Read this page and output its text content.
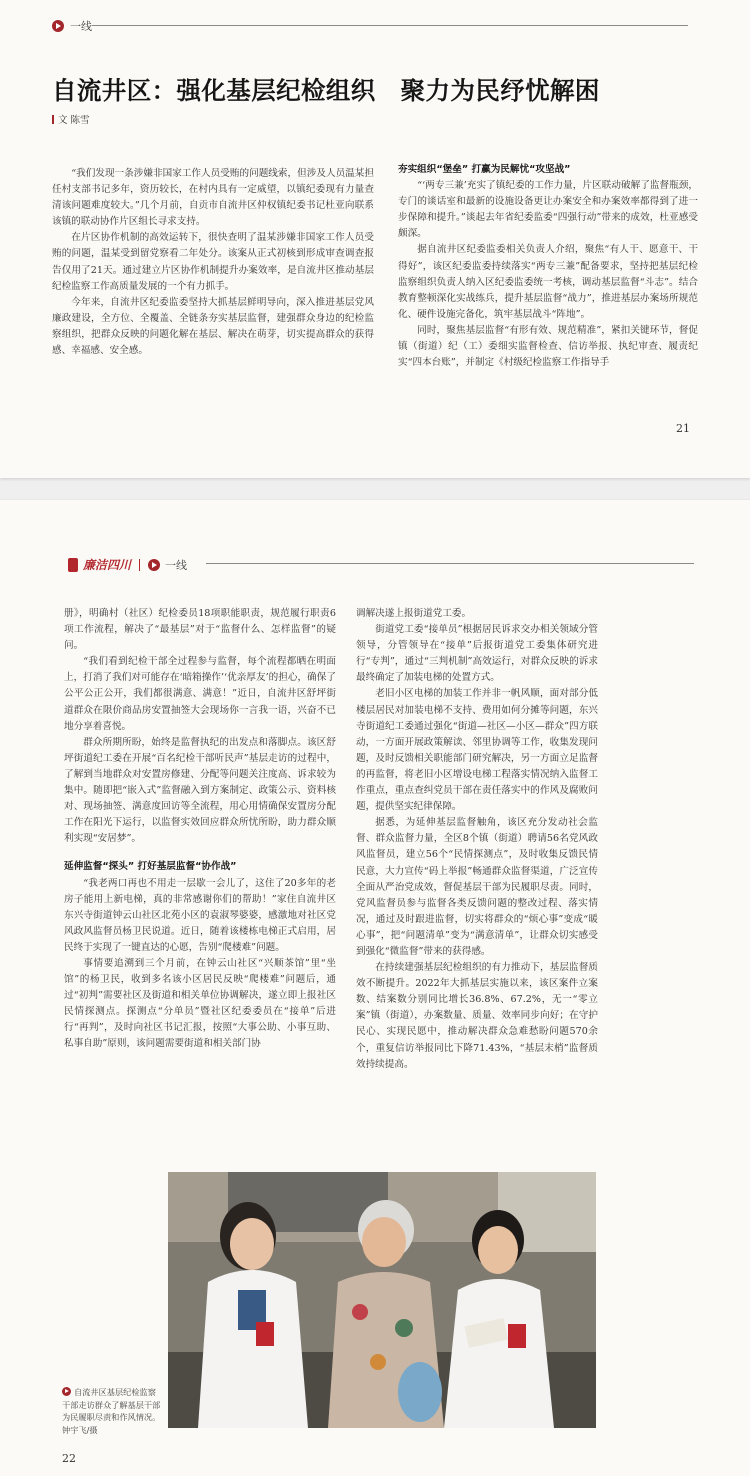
一线
自流井区：强化基层纪检组织　聚力为民纾忧解困
文 陈雪

“我们发现一条涉嫌非国家工作人员受贿的问题线索，但涉及人员温某担任村支部书记多年，资历较长，在村内具有一定威望，以镇纪委现有力量查清该问题难度较大。”几个月前，自贡市自流井区仲权镇纪委书记杜亚向联系该镇的联动协作片区组长寻求支持。

在片区协作机制的高效运转下，很快查明了温某涉嫌非国家工作人员受贿的问题，温某受到留党察看二年处分。该案从正式初核到形成审查调查报告仅用了21天。通过建立片区协作机制提升办案效率，是自流井区推动基层纪检监察工作高质量发展的一个有力抓手。

今年来，自流井区纪委监委坚持大抓基层鲜明导向，深入推进基层党风廉政建设，全方位、全覆盖、全链条夯实基层监督，建强群众身边的纪检监察组织，把群众反映的问题化解在基层、解决在萌芽，切实提高群众的获得感、幸福感、安全感。

夯实组织“堡垒” 打赢为民解忧“攻坚战”

“‘两专三兼’充实了镇纪委的工作力量，片区联动破解了监督瓶颈，专门的谈话室和最新的设施设备更让办案安全和办案效率都得到了进一步保障和提升。”谈起去年省纪委监委“四强行动”带来的成效，杜亚感受颇深。

据自流井区纪委监委相关负责人介绍，聚焦“有人干、愿意干、干得好”，该区纪委监委持续落实“两专三兼”配备要求，坚持把基层纪检监察组织负责人纳入区纪委监委统一考核，调动基层监督“斗志”。结合教育整顿深化实战练兵，提升基层监督“战力”，推进基层办案场所规范化、硬件设施完备化，筑牢基层战斗“阵地”。

同时，聚焦基层监督“有形有效、规范精准”，紧扣关键环节，督促镇（街道）纪（工）委细实监督检查、信访举报、执纪审查、履责纪实“四本台账”，并制定《村级纪检监察工作指导手

21
廉洁四川	一线

册》，明确村（社区）纪检委员18项职能职责，规范履行职责6项工作流程，解决了“最基层”对于“监督什么、怎样监督”的疑问。

“我们看到纪检干部全过程参与监督，每个流程都晒在明面上，打消了我们对可能存在‘暗箱操作’‘优亲厚友’的担心，确保了公平公正公开，我们都很满意、满意！”近日，自流井区舒坪街道群众在限价商品房安置抽签大会现场你一言我一语，兴奋不已地分享着喜悦。

群众所期所盼，始终是监督执纪的出发点和落脚点。该区舒坪街道纪工委在开展“百名纪检干部听民声”基层走访的过程中，了解到当地群众对安置房修建、分配等问题关注度高、诉求较为集中。随即把“嵌入式”监督融入到方案制定、政策公示、资料核对、现场抽签、满意度回访等全流程，用心用情确保安置房分配工作在阳光下运行，以监督实效回应群众所忧所盼，助力群众顺利实现“安居梦”。

延伸监督“探头” 打好基层监督“协作战”

“我老两口再也不用走一层歇一会儿了，这住了20多年的老房子能用上新电梯，真的非常感谢你们的帮助！”家住自流井区东兴寺街道钟云山社区北苑小区的袁淑琴婆婆，感激地对社区党风政风监督员杨卫民说道。近日，随着该楼栋电梯正式启用，居民终于实现了一键直达的心愿，告别“爬楼难”问题。

事情要追溯到三个月前，在钟云山社区“兴顺茶馆”里“坐馆”的杨卫民，收到多名该小区居民反映“爬楼难”问题后，通过“初判”需要社区及街道和相关单位协调解决，遂立即上报社区民情探测点。探测点“分单员”暨社区纪委委员在“接单”后进行“再判”，及时向社区书记汇报，按照“大事公助、小事互助、私事自助”原则，该问题需要街道和相关部门协

调解决遂上报街道党工委。

街道党工委“接单员”根据居民诉求交办相关领域分管领导，分管领导在“接单”后报街道党工委集体研究进行“专判”，通过“三判机制”高效运行，对群众反映的诉求最终确定了加装电梯的处置方式。

老旧小区电梯的加装工作并非一帆风顺，面对部分低楼层居民对加装电梯不支持、费用如何分摊等问题，东兴寺街道纪工委通过强化“街道—社区—小区—群众”四方联动，一方面开展政策解读、邻里协调等工作，收集发现问题，及时反馈相关职能部门研究解决，另一方面立足监督的再监督，将老旧小区增设电梯工程落实情况纳入监督工作重点，重点查纠党员干部在责任落实中的作风及腐败问题，提供坚实纪律保障。

据悉，为延伸基层监督触角，该区充分发动社会监督、群众监督力量，全区8个镇（街道）聘请56名党风政风监督员，建立56个“民情探测点”，及时收集反馈民情民意，大力宣传“码上举报”畅通群众监督渠道，广泛宣传全面从严治党成效，督促基层干部为民履职尽责。同时，党风监督员参与监督各类反馈问题的整改过程、落实情况，通过及时跟进监督，切实将群众的“烦心事”变成“暖心事”，把“问题清单”变为“满意清单”，让群众切实感受到强化“微监督”带来的获得感。

在持续建强基层纪检组织的有力推动下，基层监督质效不断提升。2022年大抓基层实施以来，该区案件立案数、结案数分别同比增长36.8%、67.2%，无一“零立案”镇（街道），办案数量、质量、效率同步向好；在守护民心、实现民愿中，推动解决群众急难愁盼问题570余个，重复信访举报同比下降71.43%，“基层末梢”监督质效持续提高。

自流井区基层纪检监察干部走访群众了解基层干部为民履职尽责和作风情况。钟宇飞/摄
22
